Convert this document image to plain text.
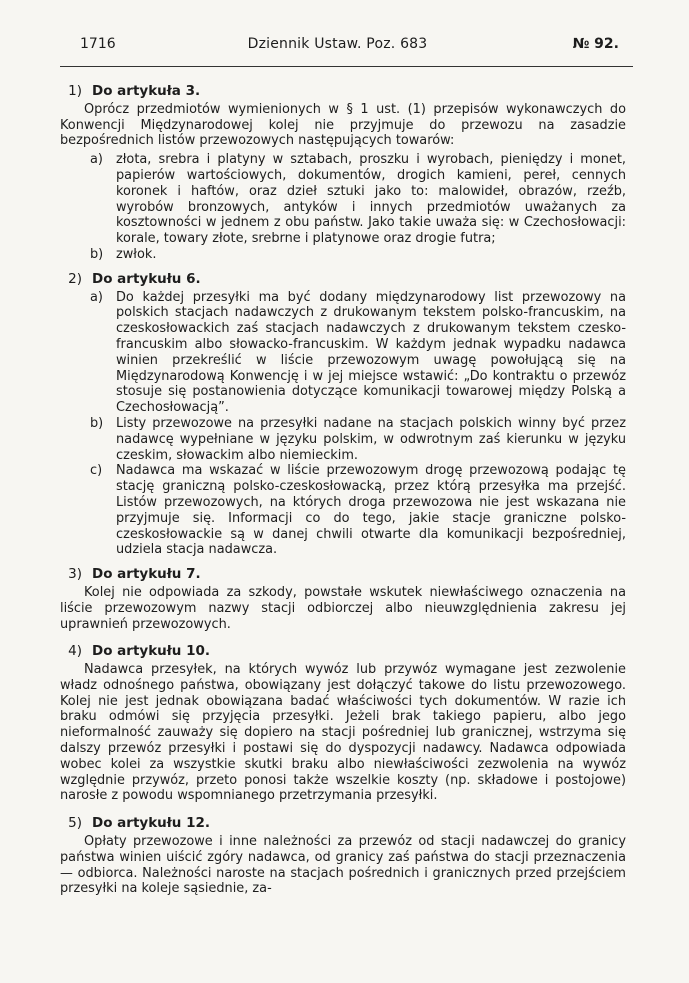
1716	Dziennik Ustaw. Poz. 683	№ 92.
1) Do artykuła 3.

Oprócz przedmiotów wymienionych w § 1 ust. (1) przepisów wykonawczych do Konwencji Międzynarodowej kolej nie przyjmuje do przewozu na zasadzie bezpośrednich listów przewozowych następujących towarów:

a)	złota, srebra i platyny w sztabach, proszku i wyrobach, pieniędzy i monet, papierów wartościowych, dokumentów, drogich kamieni, pereł, cennych koronek i haftów, oraz dzieł sztuki jako to: malowideł, obrazów, rzeźb, wyrobów bronzowych, antyków i innych przedmiotów uważanych za kosztowności w jednem z obu państw. Jako takie uważa się: w Czechosłowacji: korale, towary złote, srebrne i platynowe oraz drogie futra;
b) zwłok.
2) Do artykułu 6.
a)	Do każdej przesyłki ma być dodany międzynarodowy list przewozowy na polskich stacjach nadawczych z drukowanym tekstem polsko-francuskim, na czeskosłowackich zaś stacjach nadawczych z drukowanym tekstem czesko-francuskim albo słowacko-francuskim. W każdym jednak wypadku nadawca winien przekreślić w liście przewozowym uwagę powołującą się na Międzynarodową Konwencję i w jej miejsce wstawić: „Do kontraktu o przewóz stosuje się postanowienia dotyczące komunikacji towarowej między Polską a Czechosłowacją”.
b) Listy przewozowe na przesyłki nadane na stacjach polskich winny być przez nadawcę wypełniane w języku polskim, w odwrotnym zaś kierunku w języku czeskim, słowackim albo niemieckim.
c)	Nadawca ma wskazać w liście przewozowym drogę przewozową podając tę stację graniczną polsko-czeskosłowacką, przez którą przesyłka ma przejść. Listów przewozowych, na których droga przewozowa nie jest wskazana nie przyjmuje się. Informacji co do tego, jakie stacje graniczne polsko-czeskosłowackie są w danej chwili otwarte dla komunikacji bezpośredniej, udziela stacja nadawcza.
3) Do artykułu 7.

Kolej nie odpowiada za szkody, powstałe wskutek niewłaściwego oznaczenia na liście przewozowym nazwy stacji odbiorczej albo nieuwzględnienia zakresu jej uprawnień przewozowych.

4) Do artykułu 10.

Nadawca przesyłek, na których wywóz lub przywóz wymagane jest zezwolenie władz odnośnego państwa, obowiązany jest dołączyć takowe do listu przewozowego. Kolej nie jest jednak obowiązana badać właściwości tych dokumentów. W razie ich braku odmówi się przyjęcia przesyłki. Jeżeli brak takiego papieru, albo jego nieformalność zauważy się dopiero na stacji pośredniej lub granicznej, wstrzyma się dalszy przewóz przesyłki i postawi się do dyspozycji nadawcy. Nadawca odpowiada wobec kolei za wszystkie skutki braku albo niewłaściwości zezwolenia na wywóz względnie przywóz, przeto ponosi także wszelkie koszty (np. składowe i postojowe) narosłe z powodu wspomnianego przetrzymania przesyłki.

5) Do artykułu 12.

Opłaty przewozowe i inne należności za przewóz od stacji nadawczej do granicy państwa winien uiścić zgóry nadawca, od granicy zaś państwa do stacji przeznaczenia — odbiorca. Należności naroste na stacjach pośrednich i granicznych przed przejściem przesyłki na koleje sąsiednie, za-
